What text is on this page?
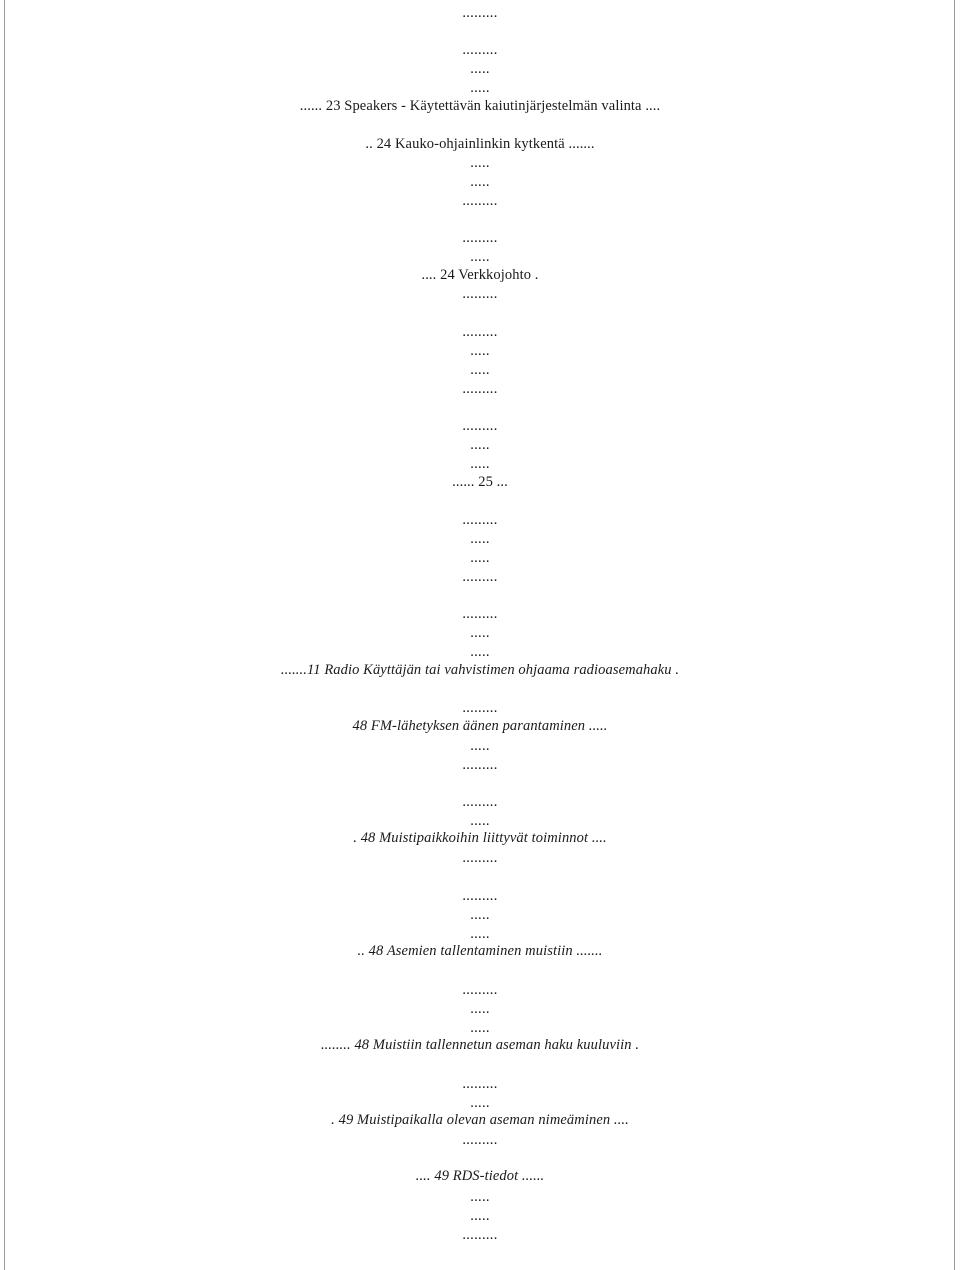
.........
.........
.....
.....
...... 23 Speakers - Käytettävän kaiutinjärjestelmän valinta ....
.. 24 Kauko-ohjainlinkin kytkentä .......
.....
.....
.........
.........
.....
.... 24 Verkkojohto .
.........
.........
.....
.....
.........
.........
.....
.....
...... 25 ...
.........
.....
.....
.........
.........
.....
.....
.......11 Radio Käyttäjän tai vahvistimen ohjaama radioasemahaku .
.........
48 FM-lähetyksen äänen parantaminen .....
.....
.........
.........
.....
. 48 Muistipaikkoihin liittyvät toiminnot ....
.........
.........
.....
.....
.. 48 Asemien tallentaminen muistiin .......
.........
.....
.....
........ 48 Muistiin tallennetun aseman haku kuuluviin .
.........
.....
. 49 Muistipaikalla olevan aseman nimeäminen ....
.........
.... 49 RDS-tiedot ......
.....
.....
.........
